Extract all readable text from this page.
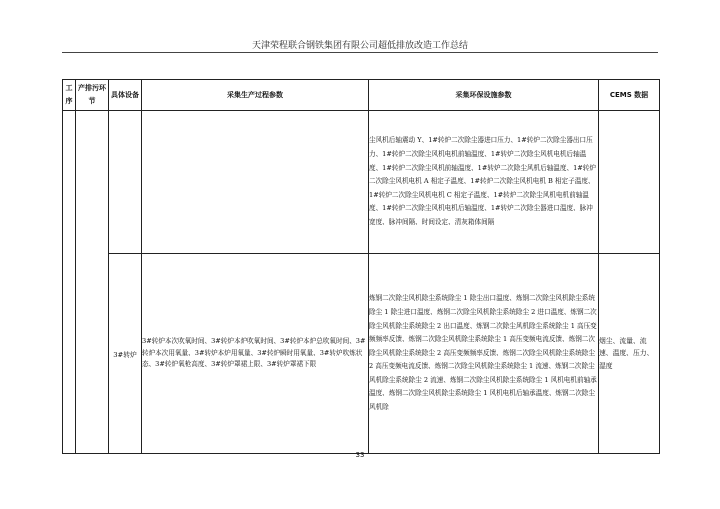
天津荣程联合钢铁集团有限公司超低排放改造工作总结
工序	产排污环节	具体设备	采集生产过程参数	采集环保设施参数	CEMS 数据
				尘风机后轴震动 Y、1#转炉二次除尘器进口压力、1#转炉二次除尘器出口压力、1#转炉二次除尘风机电机前轴温度、1#转炉二次除尘风机电机后轴温度、1#转炉二次除尘风机前轴温度、1#转炉二次除尘风机后轴温度、1#转炉二次除尘风机电机 A 相定子温度、1#转炉二次除尘风机电机 B 相定子温度、1#转炉二次除尘风机电机 C 相定子温度、1#转炉二次除尘风机电机前轴温度、1#转炉二次除尘风机电机后轴温度、1#转炉二次除尘器进口温度、脉冲宽度、脉冲间隔、时间设定、清灰箱体间隔	
		3#转炉	3#转炉本次吹氧时间、3#转炉本炉吹氧时间、3#转炉本炉总吹氧时间、3#转炉本次用氧量、3#转炉本炉用氧量、3#转炉瞬时用氧量、3#转炉吹炼状态、3#转炉氧枪高度、3#转炉罩裙上限、3#转炉罩裙下限	炼钢二次除尘风机除尘系统除尘 1 除尘出口温度、炼钢二次除尘风机除尘系统除尘 1 除尘进口温度、炼钢二次除尘风机除尘系统除尘 2 进口温度、炼钢二次除尘风机除尘系统除尘 2 出口温度、炼钢二次除尘风机除尘系统除尘 1 高压变频频率反馈、炼钢二次除尘风机除尘系统除尘 1 高压变频电流反馈、炼钢二次除尘风机除尘系统除尘 2 高压变频频率反馈、炼钢二次除尘风机除尘系统除尘 2 高压变频电流反馈、炼钢二次除尘风机除尘系统除尘 1 流速、炼钢二次除尘风机除尘系统除尘 2 流速、炼钢二次除尘风机除尘系统除尘 1 风机电机前轴承温度、炼钢二次除尘风机除尘系统除尘 1 风机电机后轴承温度、炼钢二次除尘风机除	烟尘、流量、流速、温度、压力、湿度
33
